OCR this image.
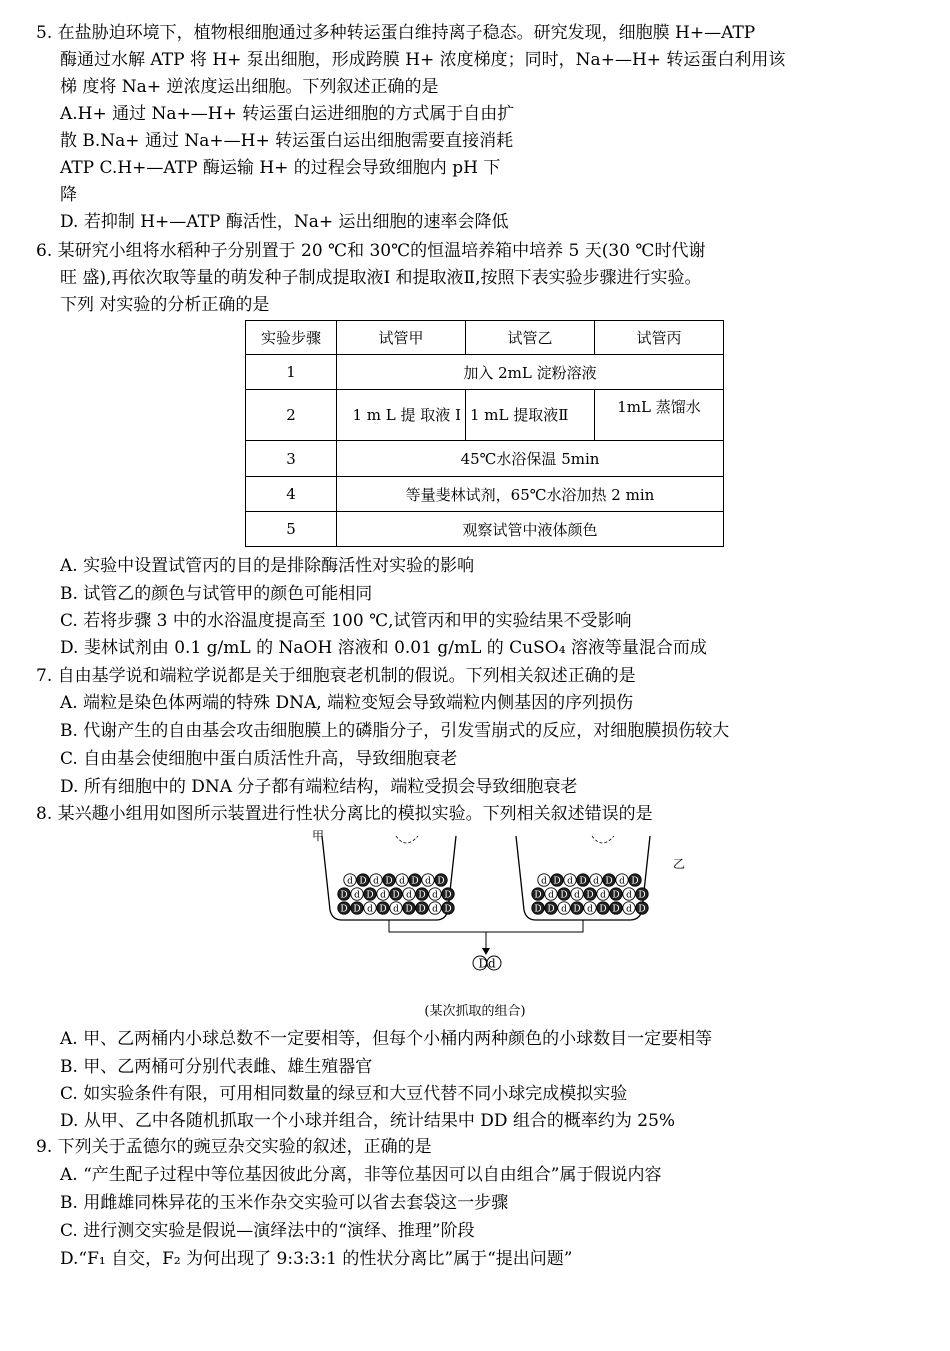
5. 在盐胁迫环境下，植物根细胞通过多种转运蛋白维持离子稳态。研究发现，细胞膜 H+—ATP
酶通过水解 ATP 将 H+ 泵出细胞，形成跨膜 H+ 浓度梯度；同时，Na+—H+ 转运蛋白利用该
梯 度将 Na+ 逆浓度运出细胞。下列叙述正确的是
A.H+ 通过 Na+—H+ 转运蛋白运进细胞的方式属于自由扩
散 B.Na+ 通过 Na+—H+ 转运蛋白运出细胞需要直接消耗
ATP C.H+—ATP 酶运输 H+ 的过程会导致细胞内 pH 下
降
D. 若抑制 H+—ATP 酶活性，Na+ 运出细胞的速率会降低
6. 某研究小组将水稻种子分别置于 20 ℃和 30℃的恒温培养箱中培养 5 天(30 ℃时代谢
旺 盛),再依次取等量的萌发种子制成提取液Ⅰ 和提取液Ⅱ,按照下表实验步骤进行实验。
下列 对实验的分析正确的是
实验步骤	试管甲	试管乙	试管丙
1	加入 2mL 淀粉溶液		
2	1 m L 提 取液 Ⅰ	1 mL 提取液Ⅱ	1mL 蒸馏水
3	45℃水浴保温 5min		
4	等量斐林试剂，65℃水浴加热 2 min		
5	观察试管中液体颜色		
A. 实验中设置试管丙的目的是排除酶活性对实验的影响
B. 试管乙的颜色与试管甲的颜色可能相同
C. 若将步骤 3 中的水浴温度提高至 100 ℃,试管丙和甲的实验结果不受影响
D. 斐林试剂由 0.1 g/mL 的 NaOH 溶液和 0.01 g/mL 的 CuSO₄ 溶液等量混合而成
7. 自由基学说和端粒学说都是关于细胞衰老机制的假说。下列相关叙述正确的是
A. 端粒是染色体两端的特殊 DNA, 端粒变短会导致端粒内侧基因的序列损伤
B. 代谢产生的自由基会攻击细胞膜上的磷脂分子，引发雪崩式的反应，对细胞膜损伤较大
C. 自由基会使细胞中蛋白质活性升高，导致细胞衰老
D. 所有细胞中的 DNA 分子都有端粒结构，端粒受损会导致细胞衰老
8. 某兴趣小组用如图所示装置进行性状分离比的模拟实验。下列相关叙述错误的是
甲
乙
d D d D d D d D
D d D d D d D d D
D D d D d D D d D
d D d D d D d D
D d D d D d D d D
D D d D d D D d D
Dd
(某次抓取的组合)
A. 甲、乙两桶内小球总数不一定要相等，但每个小桶内两种颜色的小球数目一定要相等
B. 甲、乙两桶可分别代表雌、雄生殖器官
C. 如实验条件有限，可用相同数量的绿豆和大豆代替不同小球完成模拟实验
D. 从甲、乙中各随机抓取一个小球并组合，统计结果中 DD 组合的概率约为 25%
9. 下列关于孟德尔的豌豆杂交实验的叙述，正确的是
A. “产生配子过程中等位基因彼此分离，非等位基因可以自由组合”属于假说内容
B. 用雌雄同株异花的玉米作杂交实验可以省去套袋这一步骤
C. 进行测交实验是假说—演绎法中的“演绎、推理”阶段
D.“F₁ 自交，F₂ 为何出现了 9:3:3:1 的性状分离比”属于“提出问题”
